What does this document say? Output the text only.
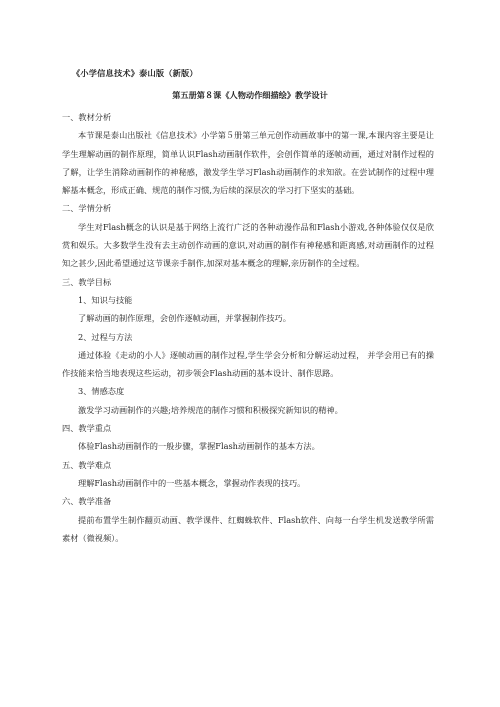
《小学信息技术》泰山版（新版）
第五册第８课《人物动作细描绘》教学设计

一、教材分析

本节课是泰山出版社《信息技术》小学第５册第三单元创作动画故事中的第一课,本课内容主要是让学生理解动画的制作原理，简单认识Flash动画制作软件，会创作简单的逐帧动画，通过对制作过程的了解，让学生消除动画制作的神秘感，激发学生学习Flash动画制作的求知欲。在尝试制作的过程中理解基本概念，形成正确、规范的制作习惯,为后续的深层次的学习打下坚实的基础。

二、学情分析

学生对Flash概念的认识是基于网络上流行广泛的各种动漫作品和Flash小游戏,各种体验仅仅是欣赏和娱乐。大多数学生没有去主动创作动画的意识,对动画的制作有神秘感和距离感,对动画制作的过程知之甚少,因此希望通过这节课亲手制作,加深对基本概念的理解,亲历制作的全过程。

三、教学目标

1、知识与技能

了解动画的制作原理，会创作逐帧动画，并掌握制作技巧。

2、过程与方法

通过体验《走动的小人》逐帧动画的制作过程,学生学会分析和分解运动过程， 并学会用已有的操作技能来恰当地表现这些运动，初步领会Flash动画的基本设计、制作思路。

3、情感态度

激发学习动画制作的兴趣;培养规范的制作习惯和积极探究新知识的精神。

四、教学重点

体验Flash动画制作的一般步骤，掌握Flash动画制作的基本方法。

五、教学难点

理解Flash动画制作中的一些基本概念，掌握动作表现的技巧。

六、教学准备

提前布置学生制作翻页动画、教学课件、红蜘蛛软件、Flash软件、向每一台学生机发送教学所需素材（微视频）。
